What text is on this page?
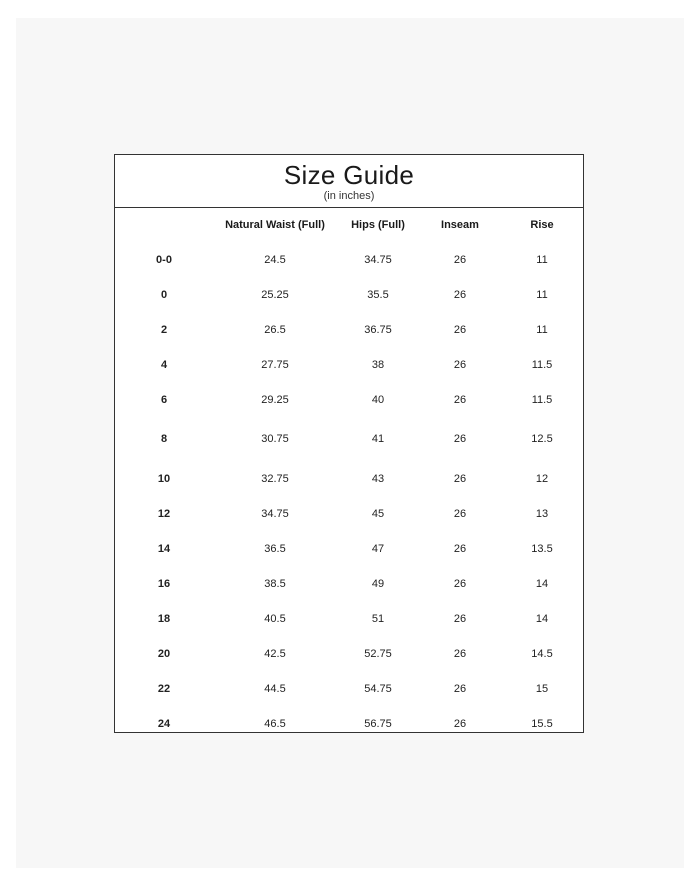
Size Guide
(in inches)
	Natural Waist (Full)	Hips (Full)	Inseam	Rise
0-0	24.5	34.75	26	11
0	25.25	35.5	26	11
2	26.5	36.75	26	11
4	27.75	38	26	11.5
6	29.25	40	26	11.5
8	30.75	41	26	12.5
10	32.75	43	26	12
12	34.75	45	26	13
14	36.5	47	26	13.5
16	38.5	49	26	14
18	40.5	51	26	14
20	42.5	52.75	26	14.5
22	44.5	54.75	26	15
24	46.5	56.75	26	15.5
